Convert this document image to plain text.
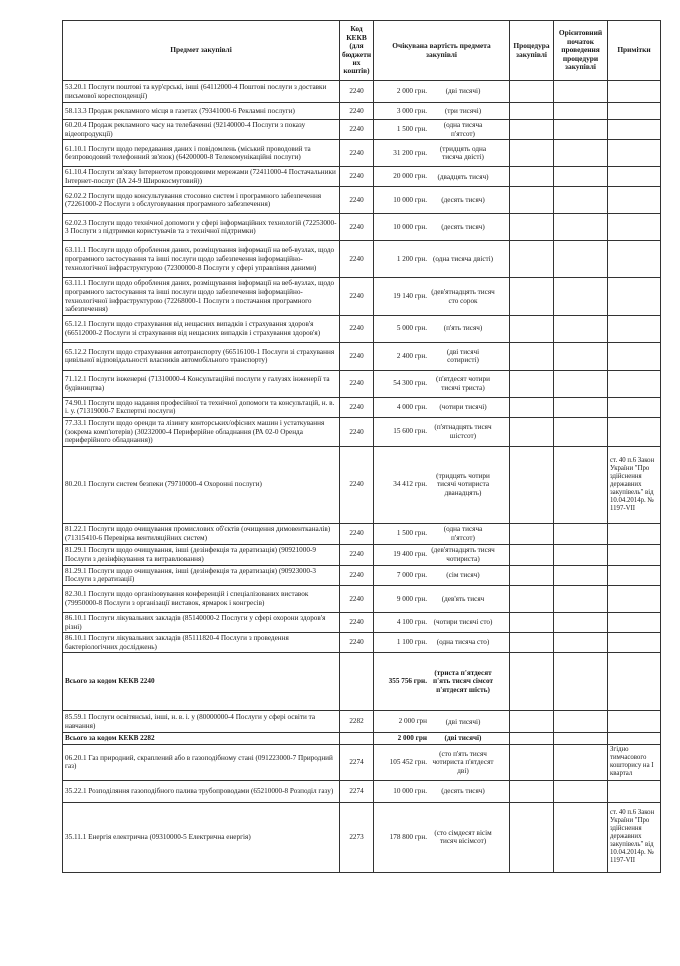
Предмет закупівлі	Код КЕКВ (для бюджетн их коштів)	Очікувана вартість предмета закупівлі	Процедура закупівлі	Орієнтовний початок проведення процедури закупівлі	Примітки
53.20.1 Послуги поштові та кур'єрські, інші (64112000-4 Поштові послуги з доставки письмової кореспонденції)	2240	2 000 грн. (дві тисячі)			
58.13.3 Продаж рекламного місця в газетах (79341000-6 Рекламні послуги)	2240	3 000 грн. (три тисячі)			
60.20.4 Продаж рекламного часу на телебаченні (92140000-4 Послуги з показу відеопродукції)	2240	1 500 грн.(одна тисяча п'ятсот)			
61.10.1 Послуги щодо передавання даних і повідомлень (міський проводовий та безпроводовий телефонний зв'язок) (64200000-8 Телекомунікаційні послуги)	2240	31 200 грн.(тридцять одна тисяча двісті)			
61.10.4 Послуги зв'язку Інтернетом проводовими мережами (72411000-4 Постачальники Інтернет-послуг (ІА 24-9 Широкосмуговий))	2240	20 000 грн. (двадцять тисяч)			
62.02.2 Послуги щодо консультування стосовно систем і програмного забезпечення (72261000-2 Послуги з обслуговування програмного забезпечення)	2240	10 000 грн. (десять тисяч)			
62.02.3 Послуги щодо технічної допомоги у сфері інформаційних технологій (72253000-3 Послуги з підтримки користувачів та з технічної підтримки)	2240	10 000 грн. (десять тисяч)			
63.11.1 Послуги щодо оброблення даних, розміщування інформації на веб-вузлах, щодо програмного застосування та інші послуги щодо забезпечення інформаційно-технологічної інфраструктурою (72300000-8 Послуги у сфері управління даними)	2240	1 200 грн. (одна тисяча двісті)			
63.11.1 Послуги щодо оброблення даних, розміщування інформації на веб-вузлах, щодо програмного застосування та інші послуги щодо забезпечення інформаційно-технологічної інфраструктурою (72268000-1 Послуги з постачання програмного забезпечення)	2240	19 140 грн.(дев'ятнадцять тисяч сто сорок			
65.12.1 Послуги щодо страхування від нещасних випадків і страхування здоров'я (66512000-2 Послуги зі страхування від нещасних випадків і страхування здоров'я)	2240	5 000 грн. (п'ять тисяч)			
65.12.2 Послуги щодо страхування автотранспорту (66516100-1 Послуги зі страхування цивільної відповідальності власників автомобільного транспорту)	2240	2 400 грн.(дві тисячі сотиристі)			
71.12.1 Послуги інженерні (71310000-4 Консультаційні послуги у галузях інженерії та будівництва)	2240	54 300 грн.(п'ятдесят чотири тисячі триста)			
74.90.1 Послуги щодо надання професійної та технічної допомоги та консультацій, н. в. і. у. (71319000-7 Експертні послуги)	2240	4 000 грн. (чотири тисячі)			
77.33.1 Послуги щодо оренди та лізингу конторських/офісних машин і устаткування (зокрема комп'ютерів) (30232000-4 Периферійне обладнання (РА 02-0 Оренда периферійного обладнання))	2240	15 600 грн.(п'ятнадцять тисяч шістсот)			
80.20.1 Послуги систем безпеки (79710000-4 Охоронні послуги)	2240	34 412 грн.(тридцять чотири тисячі чотириста дванадцять)			ст. 40 п.6 Закон України "Про здійснення державних закупівель" від 10.04.2014р. № 1197-VII
81.22.1 Послуги щодо очищування промислових об'єктів (очищення димовентканалів) (71315410-6 Перевірка вентиляційних систем)	2240	1 500 грн.(одна тисяча п'ятсот)			
81.29.1 Послуги щодо очищування, інші (дезінфекція та дератизація) (90921000-9 Послуги з дезінфікування та витравлювання)	2240	19 400 грн.(дев'ятнадцять тисяч чотириста)			
81.29.1 Послуги щодо очищування, інші (дезінфекція та дератизація) (90923000-3 Послуги з дератизації)	2240	7 000 грн. (сім тисяч)			
82.30.1 Послуги щодо організовування конференцій і спеціалізованих виставок (79950000-8 Послуги з організації виставок, ярмарок і конгресів)	2240	9 000 грн. (дев'ять тисяч			
86.10.1 Послуги лікувальних закладів (85140000-2 Послуги у сфері охорони здоров'я різні)	2240	4 100 грн. (чотири тисячі сто)			
86.10.1 Послуги лікувальних закладів (85111820-4 Послуги з проведення бактеріологічних досліджень)	2240	1 100 грн. (одна тисяча сто)			
Всього за кодом КЕКВ 2240		355 756 грн.(триста п'ятдесят п'ять тисяч сімсот п'ятдесят шість)			
85.59.1 Послуги освітянські, інші, н. в. і. у (80000000-4 Послуги у сфері освіти та навчання)	2282	2 000 грн (дві тисячі)			
Всього за кодом КЕКВ 2282		2 000 грн (дві тисячі)			
06.20.1 Газ природний, скраплений або в газоподібному стані (091223000-7 Природний газ)	2274	105 452 грн.(сто п'ять тисяч чотириста п'ятдесят дві)			Згідно тимчасового кошторису на І квартал
35.22.1 Розподіляння газоподібного палива трубопроводами (65210000-8 Розподіл газу)	2274	10 000 грн. (десять тисяч)			
35.11.1 Енергія електрична (09310000-5 Електрична енергія)	2273	178 800 грн.(сто сімдесят вісім тисяч вісімсот)			ст. 40 п.6 Закон України "Про здійснення державних закупівель" від 10.04.2014р. № 1197-VII
